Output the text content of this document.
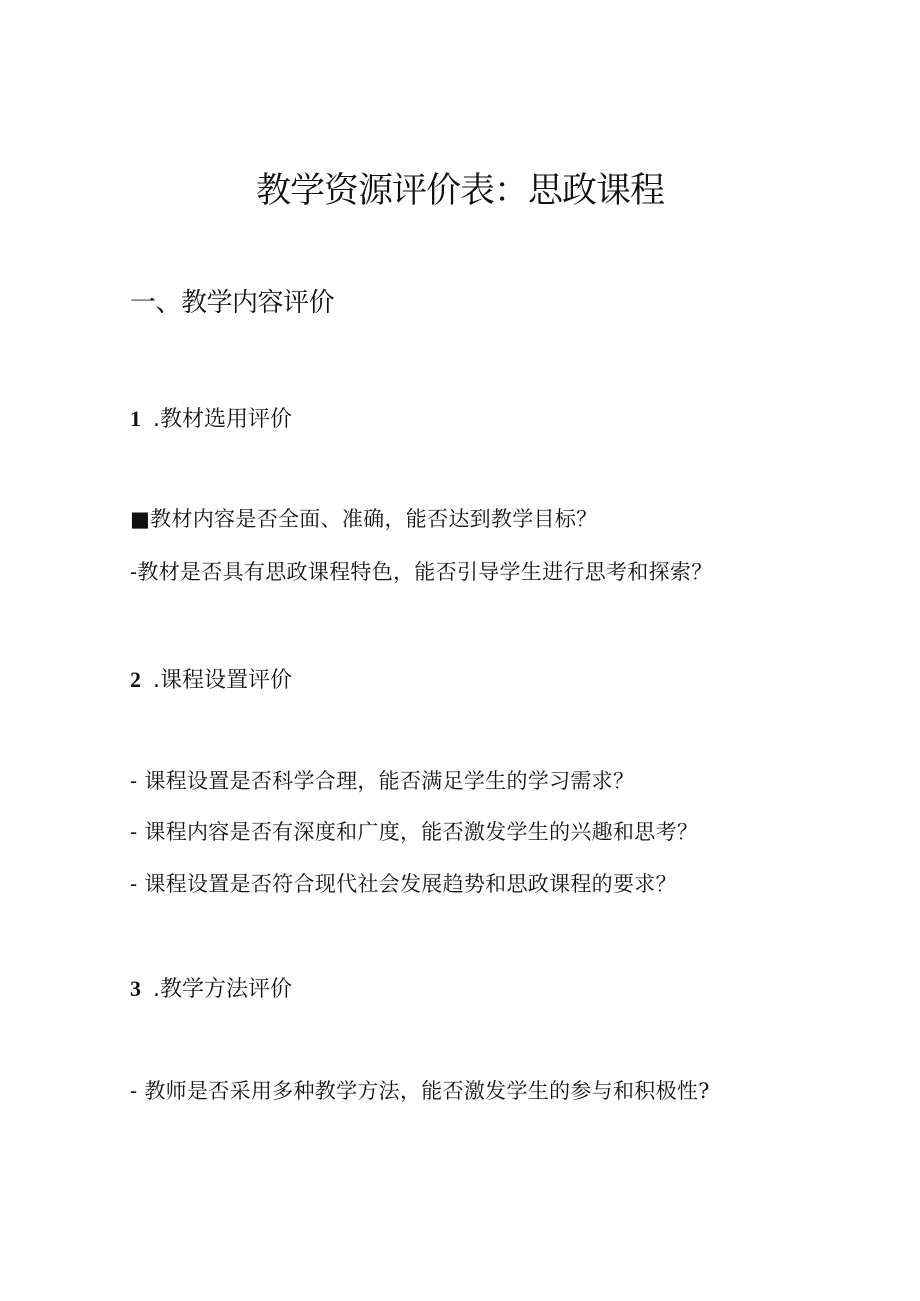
教学资源评价表：思政课程
一、教学内容评价
1 .教材选用评价
■教材内容是否全面、准确，能否达到教学目标？
-教材是否具有思政课程特色，能否引导学生进行思考和探索？
2 .课程设置评价
- 课程设置是否科学合理，能否满足学生的学习需求？
- 课程内容是否有深度和广度，能否激发学生的兴趣和思考？
- 课程设置是否符合现代社会发展趋势和思政课程的要求？
3 .教学方法评价
- 教师是否采用多种教学方法，能否激发学生的参与和积极性?
